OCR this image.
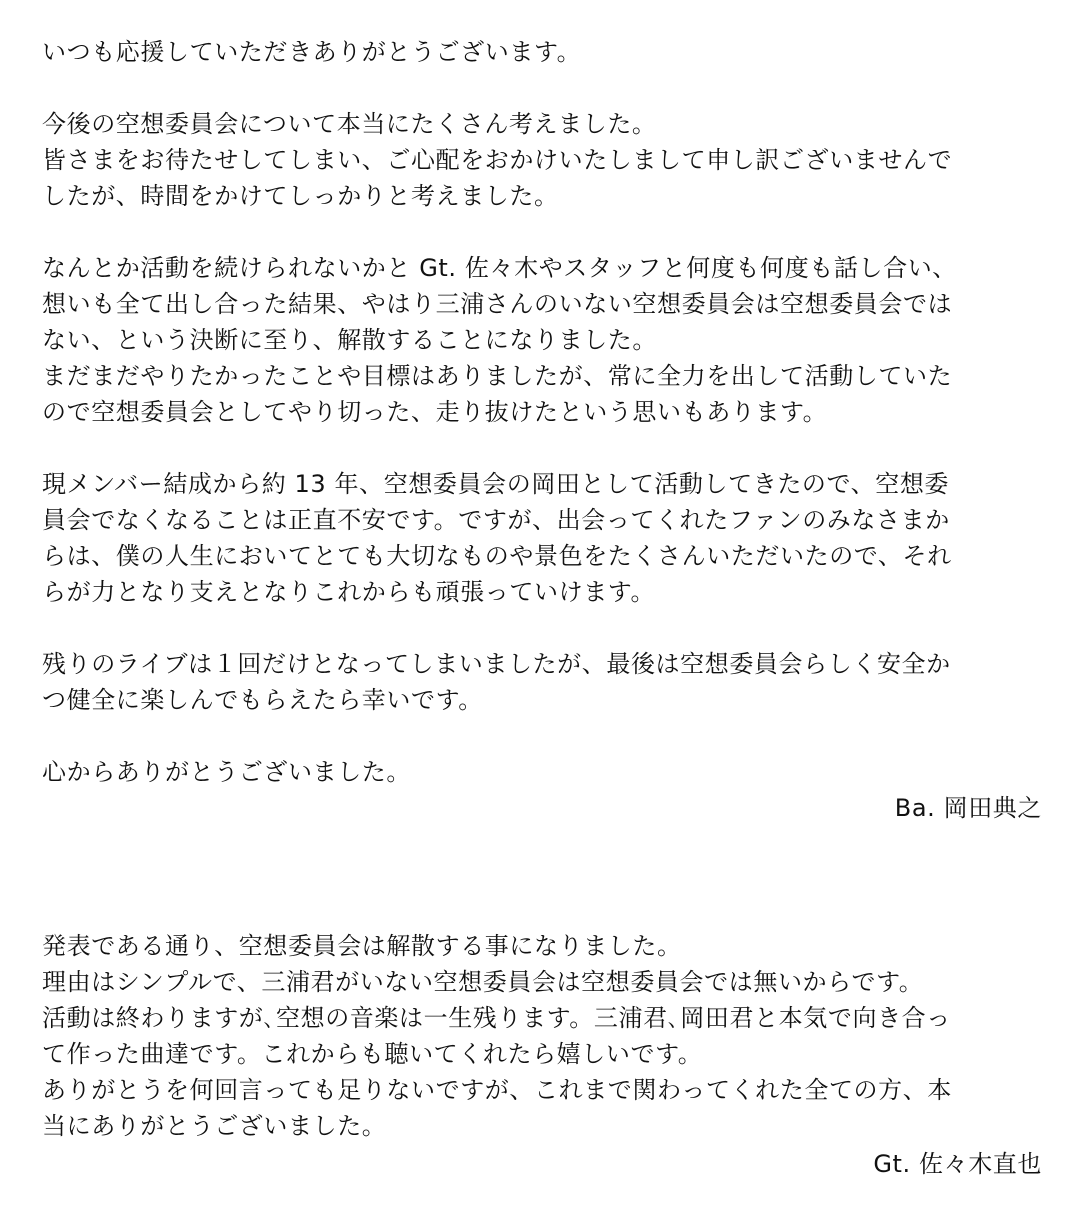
いつも応援していただきありがとうございます。

今後の空想委員会について本当にたくさん考えました。

皆さまをお待たせしてしまい、ご心配をおかけいたしまして申し訳ございませんで

したが、時間をかけてしっかりと考えました。

なんとか活動を続けられないかと Gt. 佐々木やスタッフと何度も何度も話し合い、

想いも全て出し合った結果、やはり三浦さんのいない空想委員会は空想委員会では

ない、という決断に至り、解散することになりました。

まだまだやりたかったことや目標はありましたが、常に全力を出して活動していた

ので空想委員会としてやり切った、走り抜けたという思いもあります。

現メンバー結成から約 13 年、空想委員会の岡田として活動してきたので、空想委

員会でなくなることは正直不安です。ですが、出会ってくれたファンのみなさまか

らは、僕の人生においてとても大切なものや景色をたくさんいただいたので、それ

らが力となり支えとなりこれからも頑張っていけます。

残りのライブは１回だけとなってしまいましたが、最後は空想委員会らしく安全か

つ健全に楽しんでもらえたら幸いです。

心からありがとうございました。

Ba. 岡田典之

発表である通り、空想委員会は解散する事になりました。

理由はシンプルで、三浦君がいない空想委員会は空想委員会では無いからです。

活動は終わりますが､空想の音楽は一生残ります。三浦君､岡田君と本気で向き合っ

て作った曲達です。これからも聴いてくれたら嬉しいです。

ありがとうを何回言っても足りないですが、これまで関わってくれた全ての方、本

当にありがとうございました。

Gt. 佐々木直也
